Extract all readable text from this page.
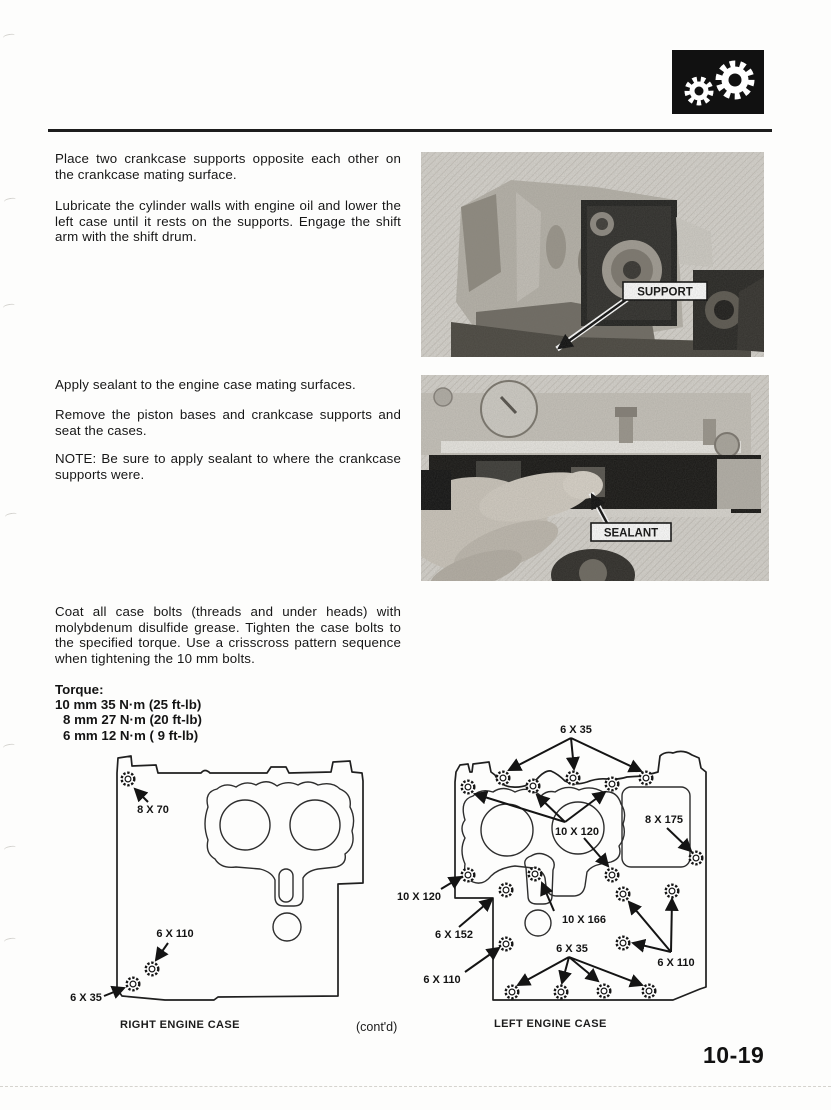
Place two crankcase supports opposite each other on the crankcase mating surface.
Lubricate the cylinder walls with engine oil and lower the left case until it rests on the supports. Engage the shift arm with the shift drum.
Apply sealant to the engine case mating surfaces.
Remove the piston bases and crankcase supports and seat the cases.
NOTE: Be sure to apply sealant to where the crankcase supports were.
Coat all case bolts (threads and under heads) with molybdenum disulfide grease. Tighten the case bolts to the specified torque. Use a crisscross pattern sequence when tightening the 10 mm bolts.
Torque:
10 mm 35 N·m (25 ft-lb)
8 mm 27 N·m (20 ft-lb)
6 mm 12 N·m ( 9 ft-lb)
8 X 70
6 X 110
6 X 35
6 X 35
10 X 120
8 X 175
10 X 120
6 X 152
10 X 166
6 X 110
6 X 35
6 X 110
RIGHT ENGINE CASE	(cont'd)	LEFT ENGINE CASE
10-19
